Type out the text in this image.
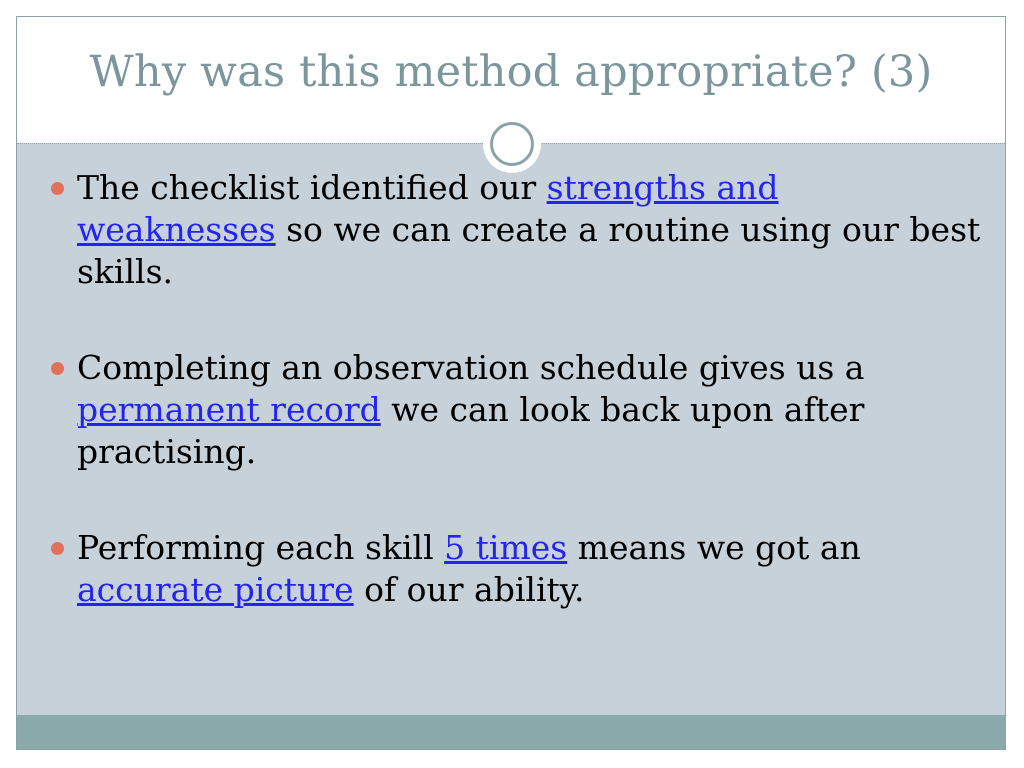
Why was this method appropriate? (3)
The checklist identified our strengths and weaknesses so we can create a routine using our best skills.
Completing an observation schedule gives us a permanent record we can look back upon after practising.
Performing each skill 5 times means we got an accurate picture of our ability.
